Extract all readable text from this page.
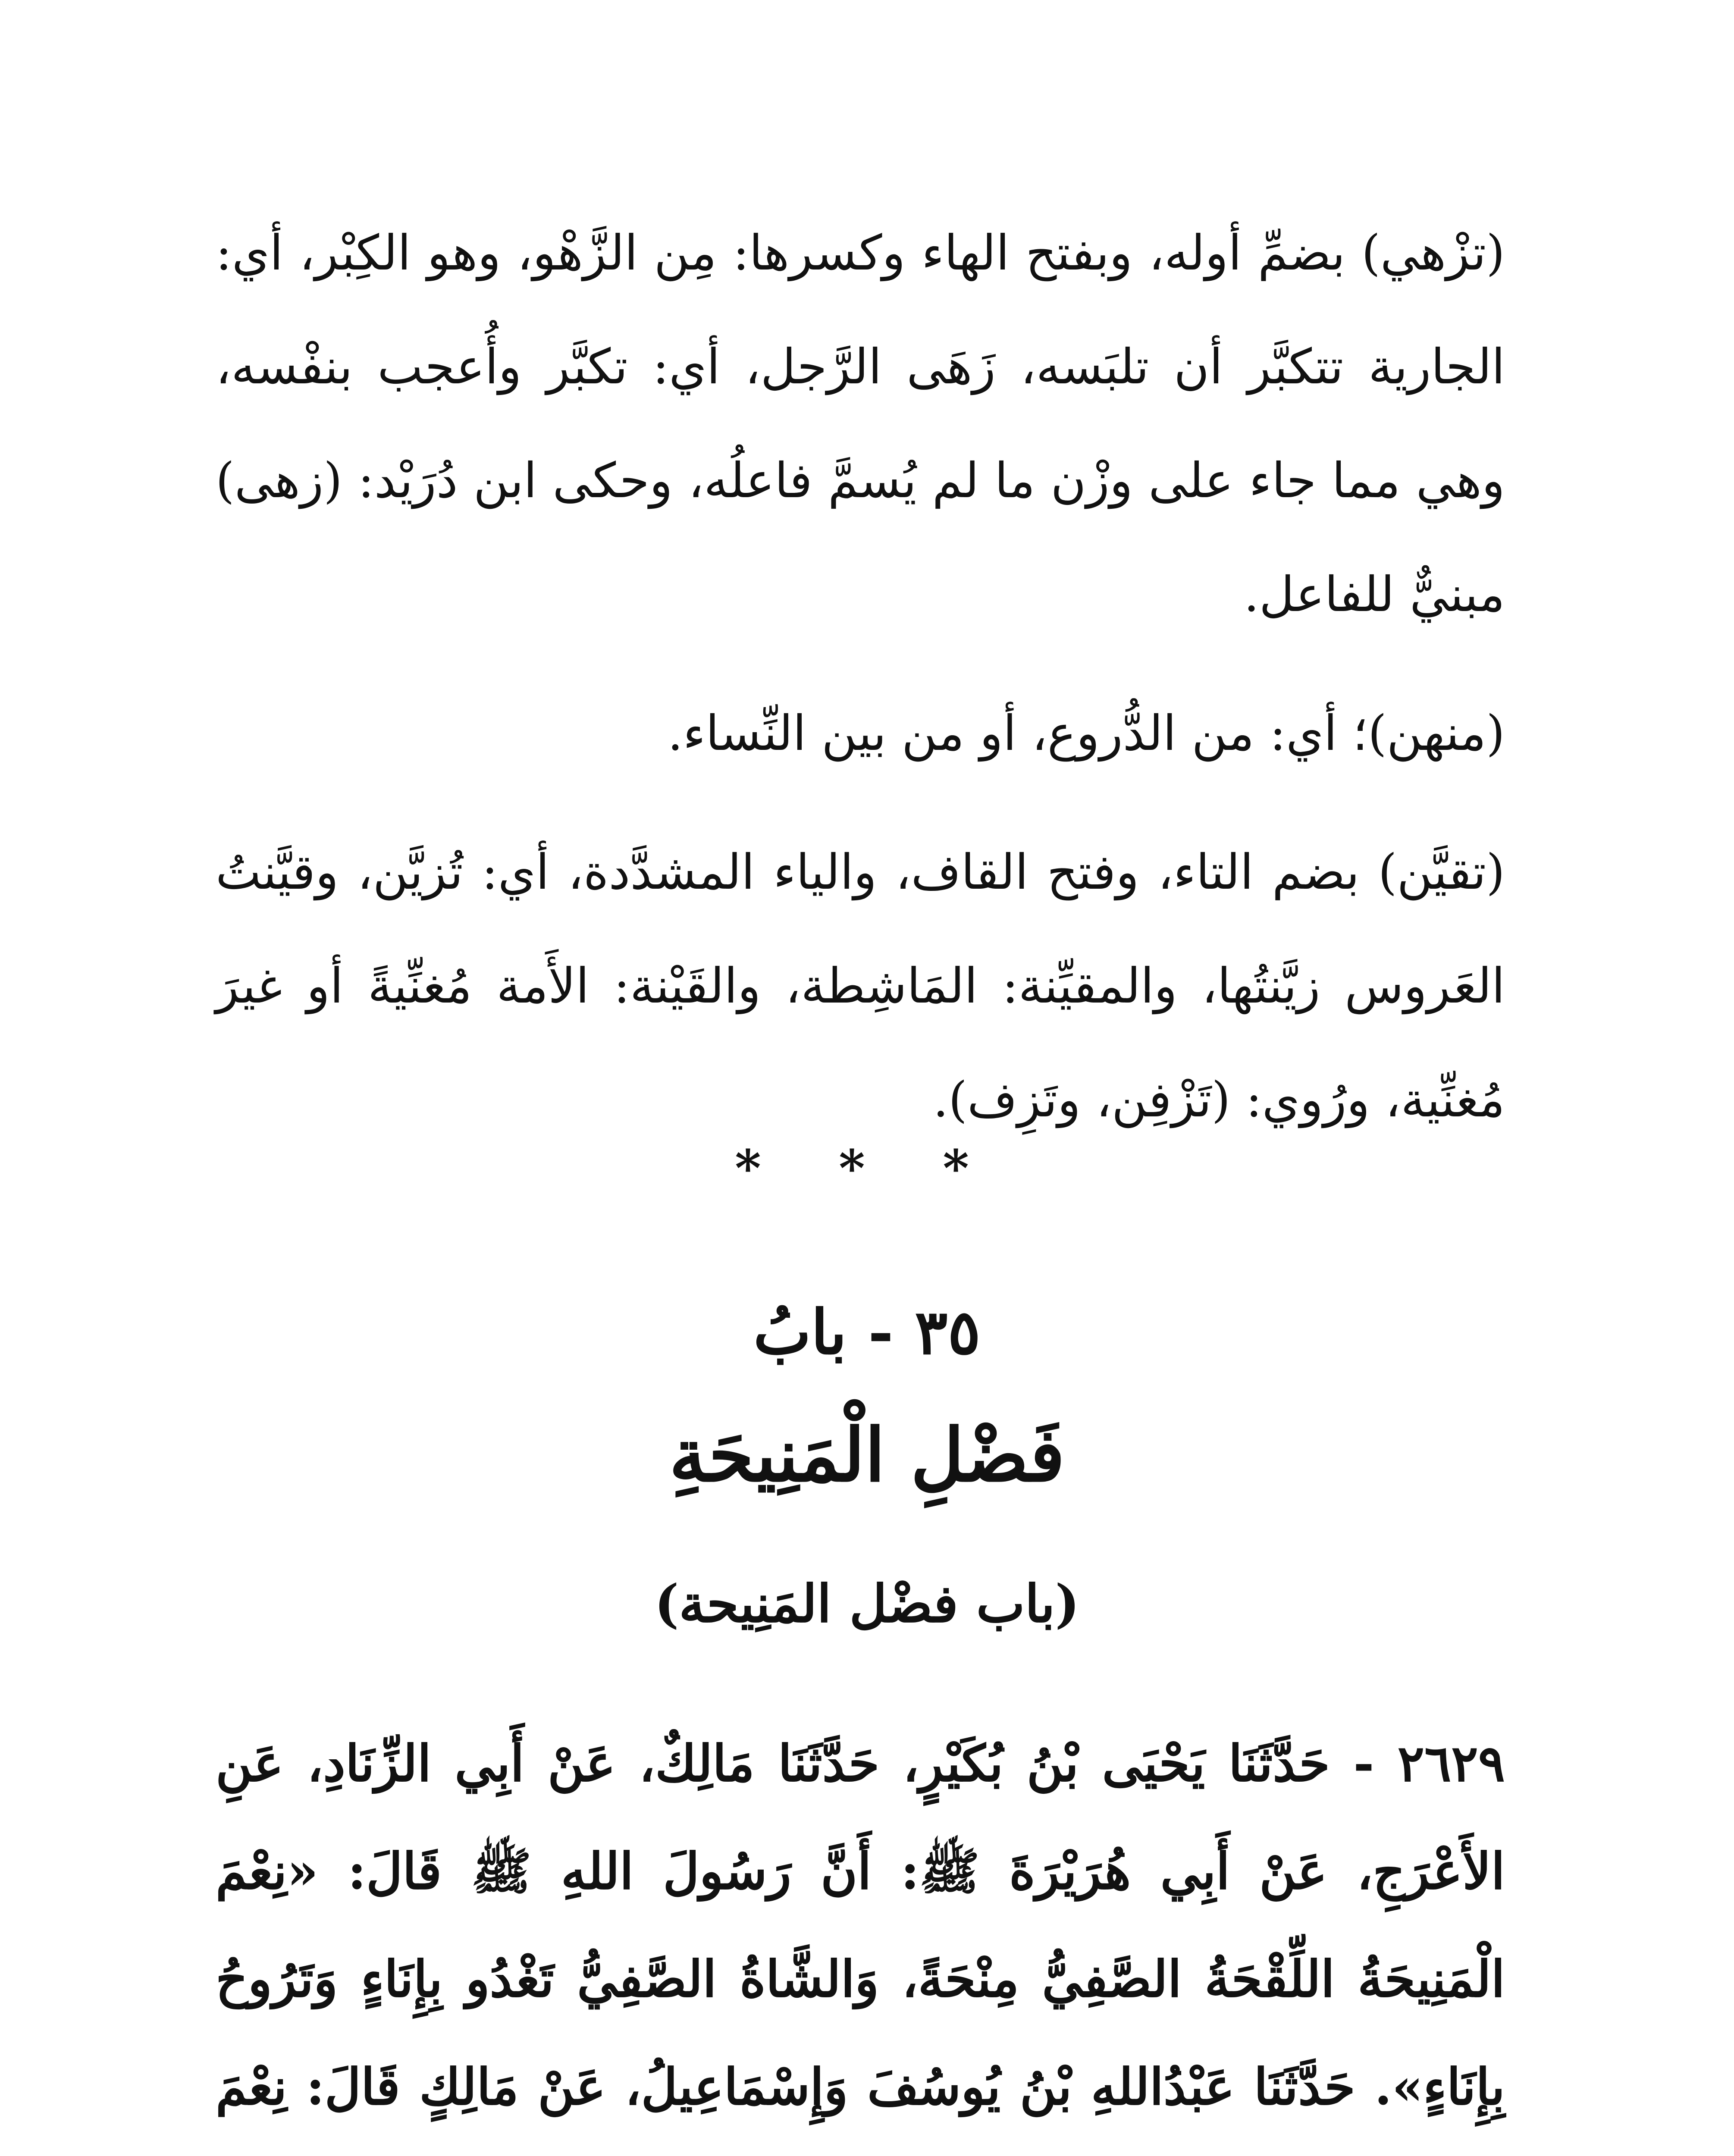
(تزْهي) بضمِّ أوله، وبفتح الهاء وكسرها: مِن الزَّهْو، وهو الكِبْر، أي: الجارية تتكبَّر أن تلبَسه، زَهَى الرَّجل، أي: تكبَّر وأُعجب بنفْسه، وهي مما جاء على وزْن ما لم يُسمَّ فاعلُه، وحكى ابن دُرَيْد: (زهى) مبنيٌّ للفاعل.

(منهن)؛ أي: من الدُّروع، أو من بين النِّساء.

(تقيَّن) بضم التاء، وفتح القاف، والياء المشدَّدة، أي: تُزيَّن، وقيَّنتُ العَروس زيَّنتُها، والمقيِّنة: المَاشِطة، والقَيْنة: الأَمة مُغنِّيةً أو غيرَ مُغنِّية، ورُوي: (تَزْفِن، وتَزِف).

* * *
٣٥ - بابُ
فَضْلِ الْمَنِيحَةِ
(باب فضْل المَنِيحة)
٢٦٢٩ - حَدَّثَنَا يَحْيَى بْنُ بُكَيْرٍ، حَدَّثَنَا مَالِكٌ، عَنْ أَبِي الزِّنَادِ، عَنِ الأَعْرَجِ، عَنْ أَبِي هُرَيْرَةَ ﷺ: أَنَّ رَسُولَ اللهِ ﷺ قَالَ: «نِعْمَ الْمَنِيحَةُ اللِّقْحَةُ الصَّفِيُّ مِنْحَةً، وَالشَّاةُ الصَّفِيُّ تَغْدُو بِإِنَاءٍ وَتَرُوحُ بِإِنَاءٍ». حَدَّثَنَا عَبْدُاللهِ بْنُ يُوسُفَ وَإِسْمَاعِيلُ، عَنْ مَالِكٍ قَالَ: نِعْمَ
